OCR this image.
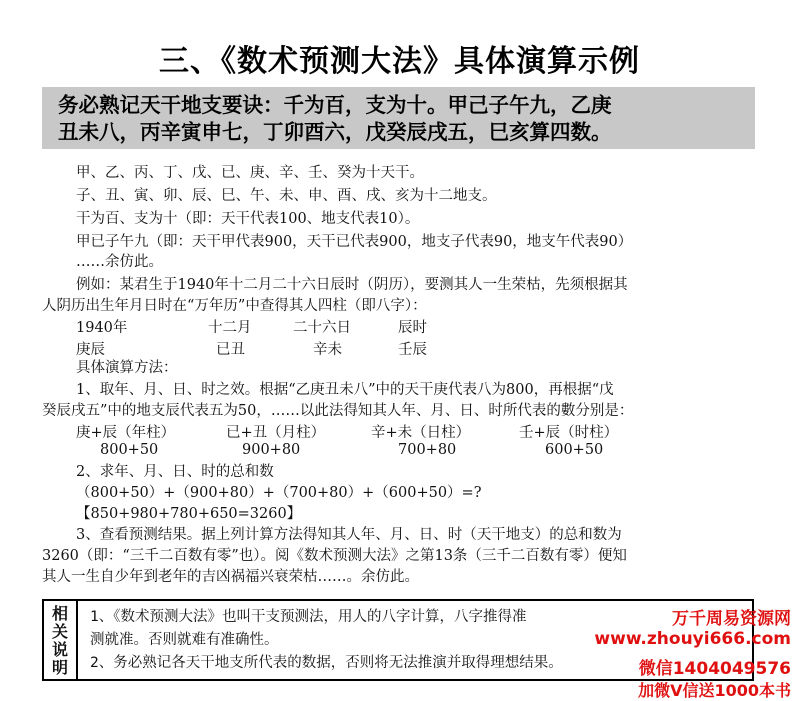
三、《数术预测大法》具体演算示例
务必熟记天干地支要诀：千为百，支为十。甲己子午九，乙庚
丑未八，丙辛寅申七，丁卯酉六，戊癸辰戌五，巳亥算四数。
甲、乙、丙、丁、戊、已、庚、辛、壬、癸为十天干。
子、丑、寅、卯、辰、巳、午、未、申、酉、戌、亥为十二地支。
干为百、支为十（即：天干代表100、地支代表10）。
甲已子午九（即：天干甲代表900，天干已代表900，地支子代表90，地支午代表90）
……余仿此。
例如：某君生于1940年十二月二十六日辰时（阴历），要测其人一生荣枯，先须根据其
人阴历出生年月日时在“万年历”中查得其人四柱（即八字）：
1940年	十二月	二十六日	辰时
庚辰	已丑	辛未	壬辰
具体演算方法：
1、取年、月、日、时之效。根据“乙庚丑未八”中的天干庚代表八为800，再根据“戊
癸辰戌五”中的地支辰代表五为50，……以此法得知其人年、月、日、时所代表的數分别是：
庚+辰（年柱）	已+丑（月柱）	辛+未（日柱）	壬+辰（时柱）
800+50	900+80	700+80	600+50
2、求年、月、日、时的总和数
（800+50）+（900+80）+（700+80）+（600+50）=?
【850+980+780+650=3260】
3、查看预测结果。据上列计算方法得知其人年、月、日、时（天干地支）的总和数为
3260（即：“三千二百数有零”也）。阅《数术预测大法》之第13条（三千二百数有零）便知
其人一生自少年到老年的吉凶祸福兴衰荣枯……。余仿此。
相
关
说
明
1、《数术预测大法》也叫干支预测法，用人的八字计算，八字推得准
测就准。否则就难有准确性。
2、务必熟记各天干地支所代表的数据，否则将无法推演并取得理想结果。
万千周易资源网
www.zhouyi666.com
微信1404049576
加微V信送1000本书
